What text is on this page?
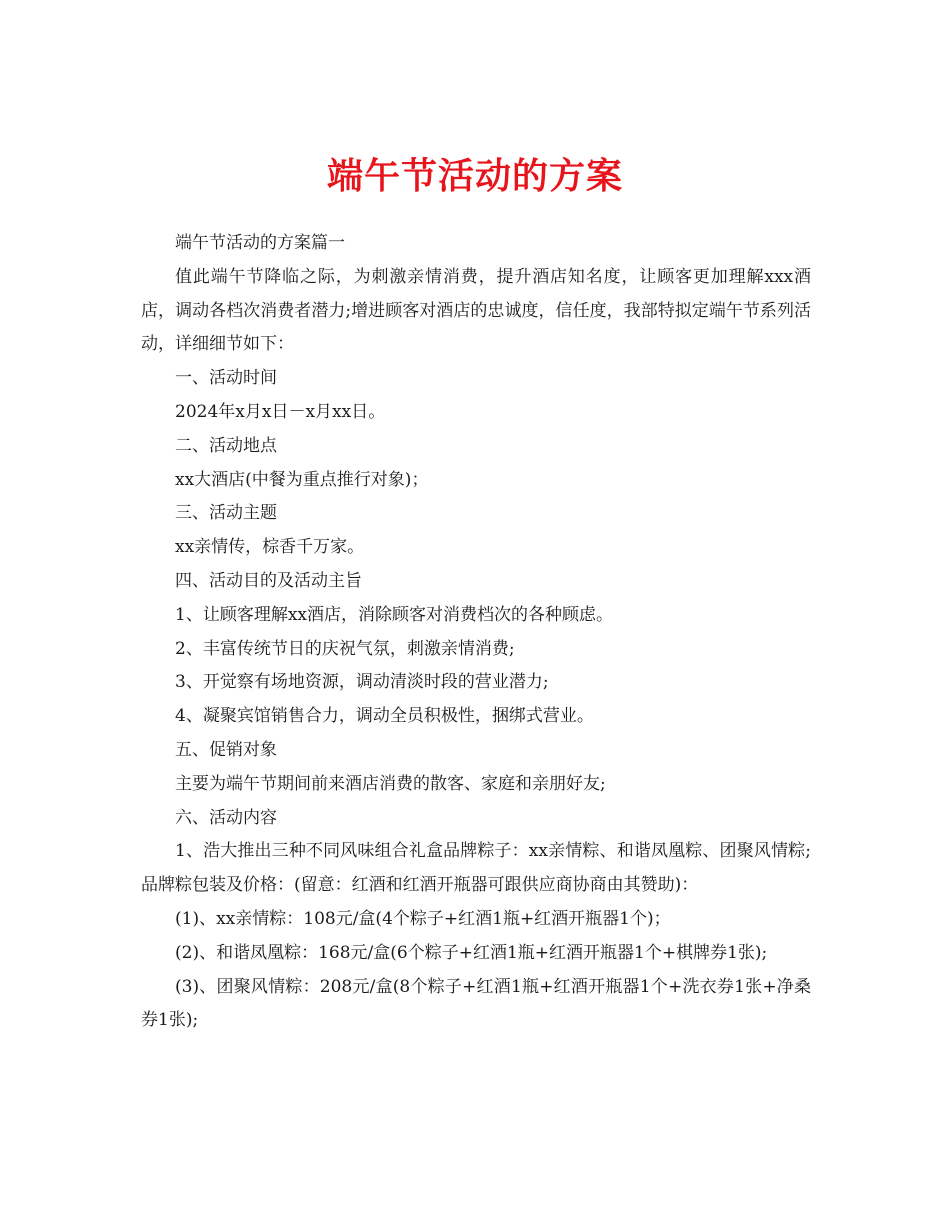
端午节活动的方案

端午节活动的方案篇一

值此端午节降临之际，为刺激亲情消费，提升酒店知名度，让顾客更加理解xxx酒店，调动各档次消费者潜力;增进顾客对酒店的忠诚度，信任度，我部特拟定端午节系列活动，详细细节如下：

一、活动时间

2024年x月x日－x月xx日。

二、活动地点

xx大酒店(中餐为重点推行对象)；

三、活动主题

xx亲情传，棕香千万家。

四、活动目的及活动主旨

1、让顾客理解xx酒店，消除顾客对消费档次的各种顾虑。

2、丰富传统节日的庆祝气氛，刺激亲情消费;

3、开觉察有场地资源，调动清淡时段的营业潜力;

4、凝聚宾馆销售合力，调动全员积极性，捆绑式营业。

五、促销对象

主要为端午节期间前来酒店消费的散客、家庭和亲朋好友;

六、活动内容

1、浩大推出三种不同风味组合礼盒品牌粽子：xx亲情粽、和谐凤凰粽、团聚风情粽;品牌粽包装及价格：(留意：红酒和红酒开瓶器可跟供应商协商由其赞助)：

(1)、xx亲情粽：108元/盒(4个粽子+红酒1瓶+红酒开瓶器1个)；

(2)、和谐凤凰粽：168元/盒(6个粽子+红酒1瓶+红酒开瓶器1个+棋牌券1张);

(3)、团聚风情粽：208元/盒(8个粽子+红酒1瓶+红酒开瓶器1个+洗衣券1张+净桑券1张);
